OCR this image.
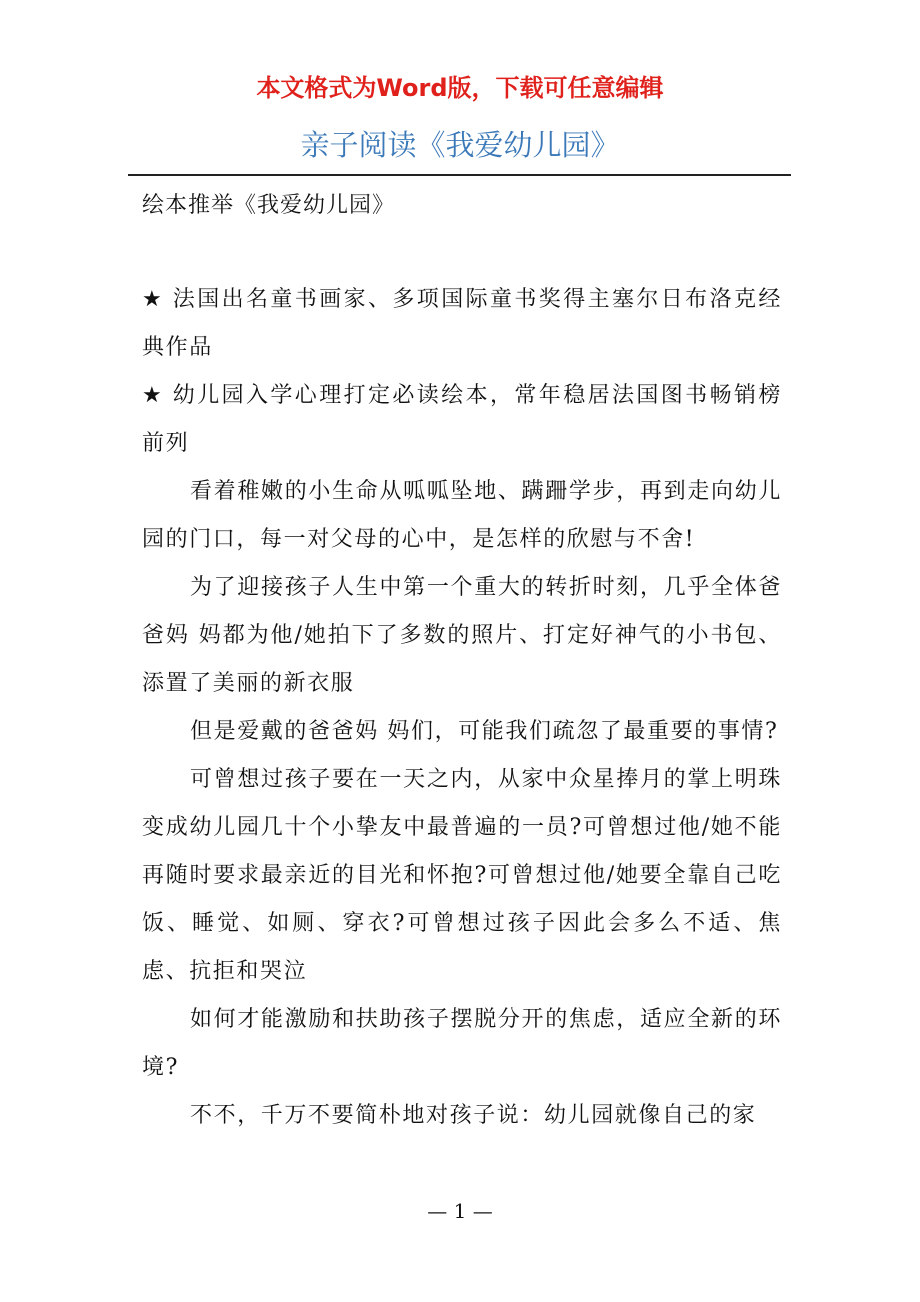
本文格式为Word版，下载可任意编辑
亲子阅读《我爱幼儿园》
绘本推举《我爱幼儿园》

★ 法国出名童书画家、多项国际童书奖得主塞尔日布洛克经典作品

★ 幼儿园入学心理打定必读绘本，常年稳居法国图书畅销榜前列

看着稚嫩的小生命从呱呱坠地、蹒跚学步，再到走向幼儿园的门口，每一对父母的心中，是怎样的欣慰与不舍!

为了迎接孩子人生中第一个重大的转折时刻，几乎全体爸爸妈 妈都为他/她拍下了多数的照片、打定好神气的小书包、添置了美丽的新衣服

但是爱戴的爸爸妈 妈们，可能我们疏忽了最重要的事情?

可曾想过孩子要在一天之内，从家中众星捧月的掌上明珠变成幼儿园几十个小挚友中最普遍的一员?可曾想过他/她不能再随时要求最亲近的目光和怀抱?可曾想过他/她要全靠自己吃饭、睡觉、如厕、穿衣?可曾想过孩子因此会多么不适、焦虑、抗拒和哭泣

如何才能激励和扶助孩子摆脱分开的焦虑，适应全新的环境?

不不，千万不要简朴地对孩子说：幼儿园就像自己的家

— 1 —
